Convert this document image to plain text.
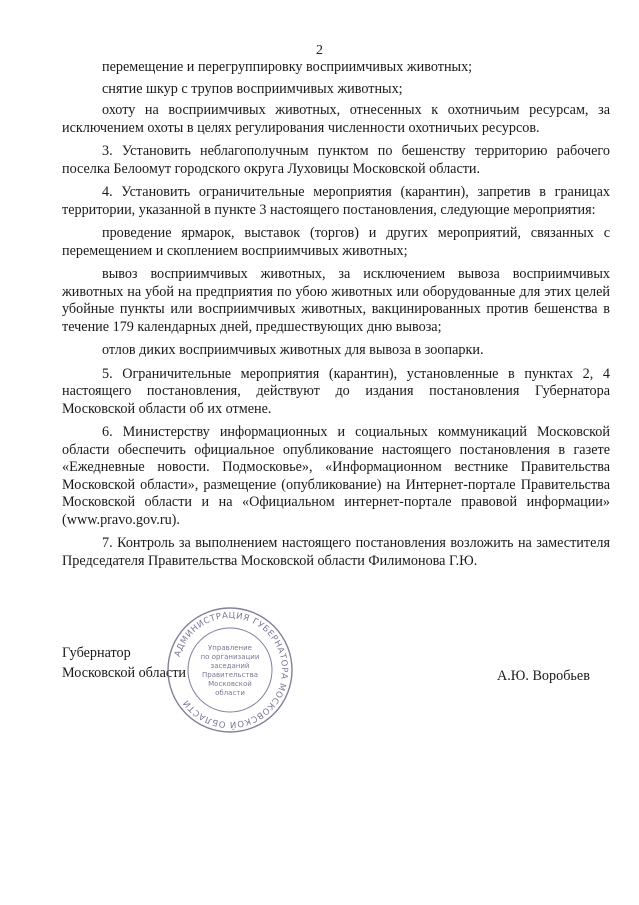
2

перемещение и перегруппировку восприимчивых животных;

снятие шкур с трупов восприимчивых животных;

охоту на восприимчивых животных, отнесенных к охотничьим ресурсам, за исключением охоты в целях регулирования численности охотничьих ресурсов.

3. Установить неблагополучным пунктом по бешенству территорию рабочего поселка Белоомут городского округа Луховицы Московской области.

4. Установить ограничительные мероприятия (карантин), запретив в границах территории, указанной в пункте 3 настоящего постановления, следующие мероприятия:

проведение ярмарок, выставок (торгов) и других мероприятий, связанных с перемещением и скоплением восприимчивых животных;

вывоз восприимчивых животных, за исключением вывоза восприимчивых животных на убой на предприятия по убою животных или оборудованные для этих целей убойные пункты или восприимчивых животных, вакцинированных против бешенства в течение 179 календарных дней, предшествующих дню вывоза;

отлов диких восприимчивых животных для вывоза в зоопарки.

5. Ограничительные мероприятия (карантин), установленные в пунктах 2, 4 настоящего постановления, действуют до издания постановления Губернатора Московской области об их отмене.

6. Министерству информационных и социальных коммуникаций Московской области обеспечить официальное опубликование настоящего постановления в газете «Ежедневные новости. Подмосковье», «Информационном вестнике Правительства Московской области», размещение (опубликование) на Интернет-портале Правительства Московской области и на «Официальном интернет-портале правовой информации» (www.pravo.gov.ru).

7. Контроль за выполнением настоящего постановления возложить на заместителя Председателя Правительства Московской области Филимонова Г.Ю.

Губернатор
Московской области	А.Ю. Воробьев
АДМИНИСТРАЦИЯ ГУБЕРНАТОРА МОСКОВСКОЙ ОБЛАСТИ
Управление
по организации
заседаний
Правительства
Московской
области
